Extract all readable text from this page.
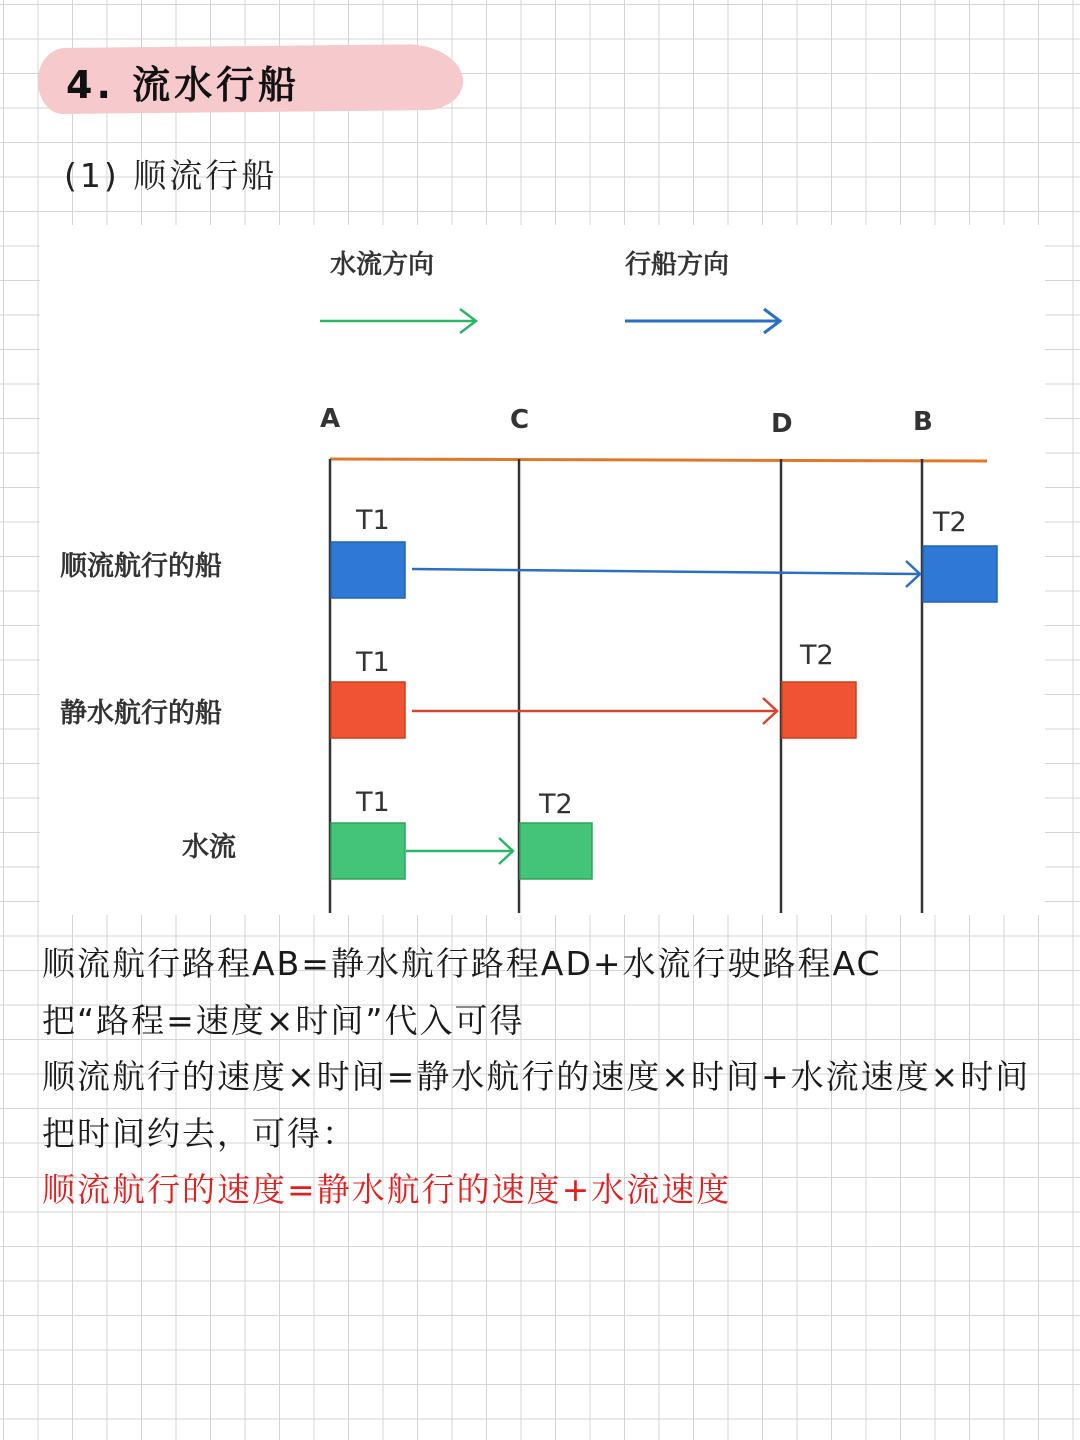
4. 流水行船
(1) 顺流行船
水流方向	行船方向
A	C	D	B
顺流航行的船
T1	T2
静水航行的船
T1	T2
水流
T1	T2
顺流航行路程AB=静水航行路程AD+水流行驶路程AC
把“路程=速度×时间”代入可得
顺流航行的速度×时间=静水航行的速度×时间+水流速度×时间
把时间约去，可得：
顺流航行的速度=静水航行的速度+水流速度
